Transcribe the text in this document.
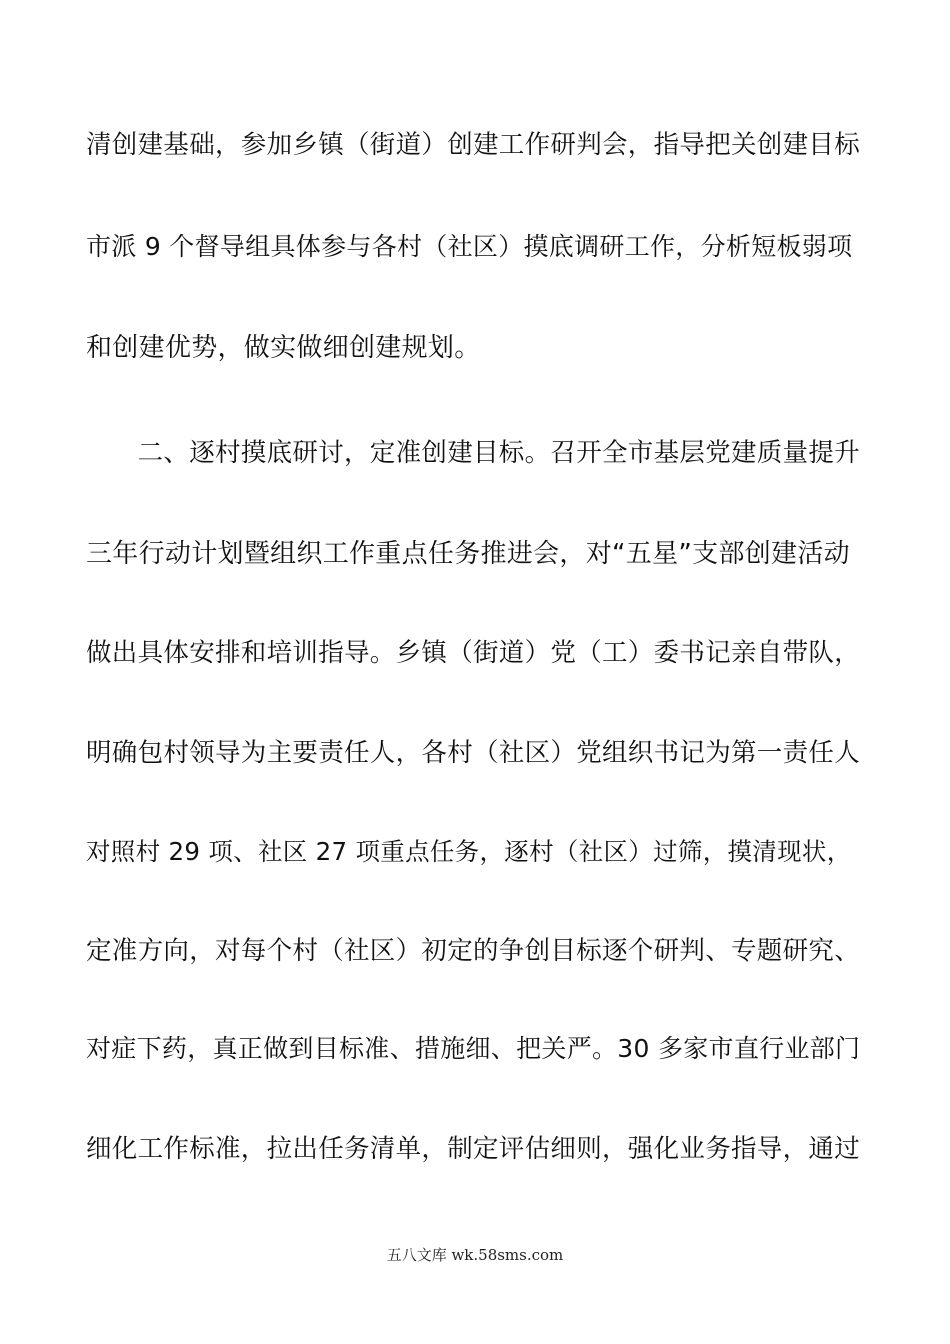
清创建基础，参加乡镇（街道）创建工作研判会，指导把关创建目标
市派 9 个督导组具体参与各村（社区）摸底调研工作，分析短板弱项
和创建优势，做实做细创建规划。
　　二、逐村摸底研讨，定准创建目标。召开全市基层党建质量提升
三年行动计划暨组织工作重点任务推进会，对“五星”支部创建活动
做出具体安排和培训指导。乡镇（街道）党（工）委书记亲自带队，
明确包村领导为主要责任人，各村（社区）党组织书记为第一责任人
对照村 29 项、社区 27 项重点任务，逐村（社区）过筛，摸清现状，
定准方向，对每个村（社区）初定的争创目标逐个研判、专题研究、
对症下药，真正做到目标准、措施细、把关严。30 多家市直行业部门
细化工作标准，拉出任务清单，制定评估细则，强化业务指导，通过
五八文库 wk.58sms.com
